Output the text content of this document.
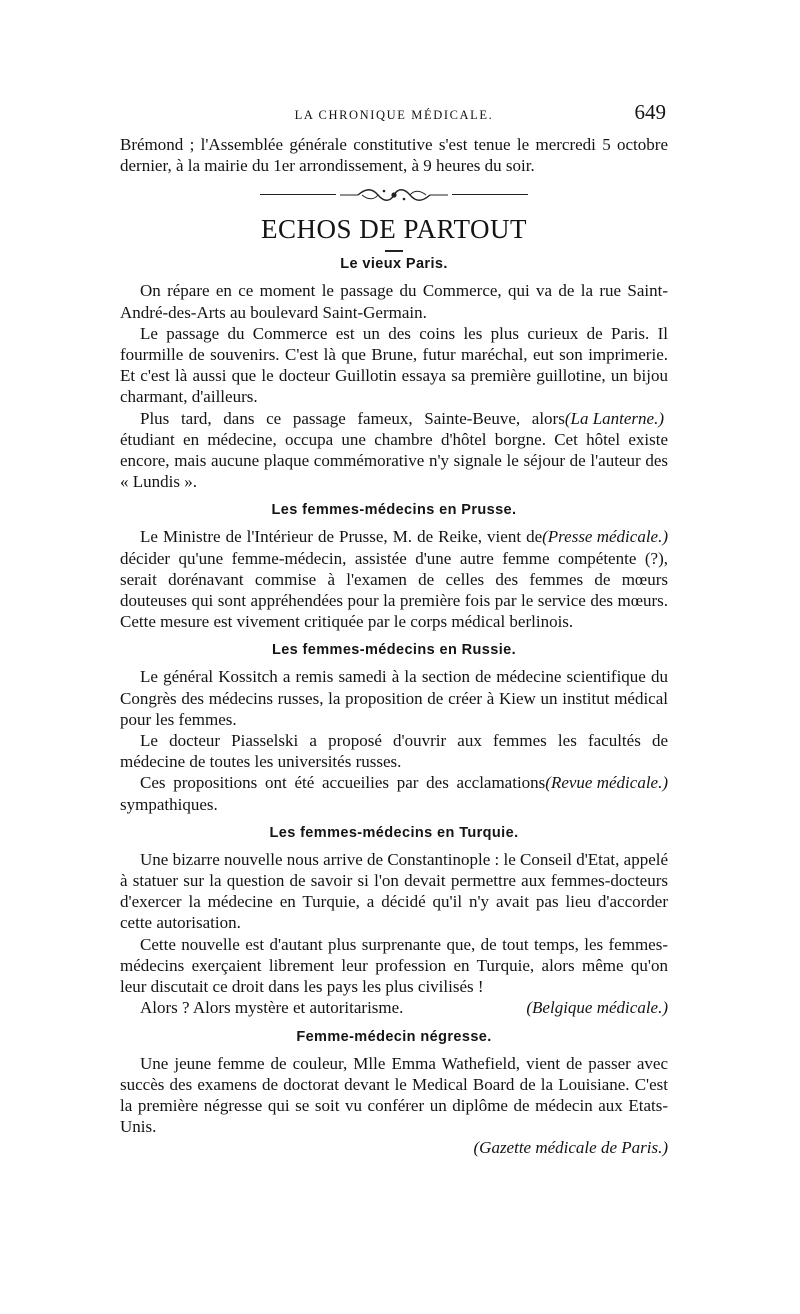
LA CHRONIQUE MÉDICALE.	649

Brémond ; l'Assemblée générale constitutive s'est tenue le mercredi 5 octobre dernier, à la mairie du 1er arrondissement, à 9 heures du soir.

ECHOS DE PARTOUT
Le vieux Paris.

On répare en ce moment le passage du Commerce, qui va de la rue Saint-André-des-Arts au boulevard Saint-Germain.

Le passage du Commerce est un des coins les plus curieux de Paris. Il fourmille de souvenirs. C'est là que Brune, futur maréchal, eut son imprimerie. Et c'est là aussi que le docteur Guillotin essaya sa première guillotine, un bijou charmant, d'ailleurs.

(La Lanterne.)
Plus tard, dans ce passage fameux, Sainte-Beuve, alors étudiant en médecine, occupa une chambre d'hôtel borgne. Cet hôtel existe encore, mais aucune plaque commémorative n'y signale le séjour de l'auteur des « Lundis ».

Les femmes-médecins en Prusse.

(Presse médicale.)
Le Ministre de l'Intérieur de Prusse, M. de Reike, vient de décider qu'une femme-médecin, assistée d'une autre femme compétente (?), serait dorénavant commise à l'examen de celles des femmes de mœurs douteuses qui sont appréhendées pour la première fois par le service des mœurs. Cette mesure est vivement critiquée par le corps médical berlinois.

Les femmes-médecins en Russie.

Le général Kossitch a remis samedi à la section de médecine scientifique du Congrès des médecins russes, la proposition de créer à Kiew un institut médical pour les femmes.

Le docteur Piasselski a proposé d'ouvrir aux femmes les facultés de médecine de toutes les universités russes.

(Revue médicale.)
Ces propositions ont été accueilies par des acclamations sympathiques.

Les femmes-médecins en Turquie.

Une bizarre nouvelle nous arrive de Constantinople : le Conseil d'Etat, appelé à statuer sur la question de savoir si l'on devait permettre aux femmes-docteurs d'exercer la médecine en Turquie, a décidé qu'il n'y avait pas lieu d'accorder cette autorisation.

Cette nouvelle est d'autant plus surprenante que, de tout temps, les femmes-médecins exerçaient librement leur profession en Turquie, alors même qu'on leur discutait ce droit dans les pays les plus civilisés !

(Belgique médicale.)
Alors ? Alors mystère et autoritarisme.

Femme-médecin négresse.

Une jeune femme de couleur, Mlle Emma Wathefield, vient de passer avec succès des examens de doctorat devant le Medical Board de la Louisiane. C'est la première négresse qui se soit vu conférer un diplôme de médecin aux Etats-Unis.

(Gazette médicale de Paris.)
